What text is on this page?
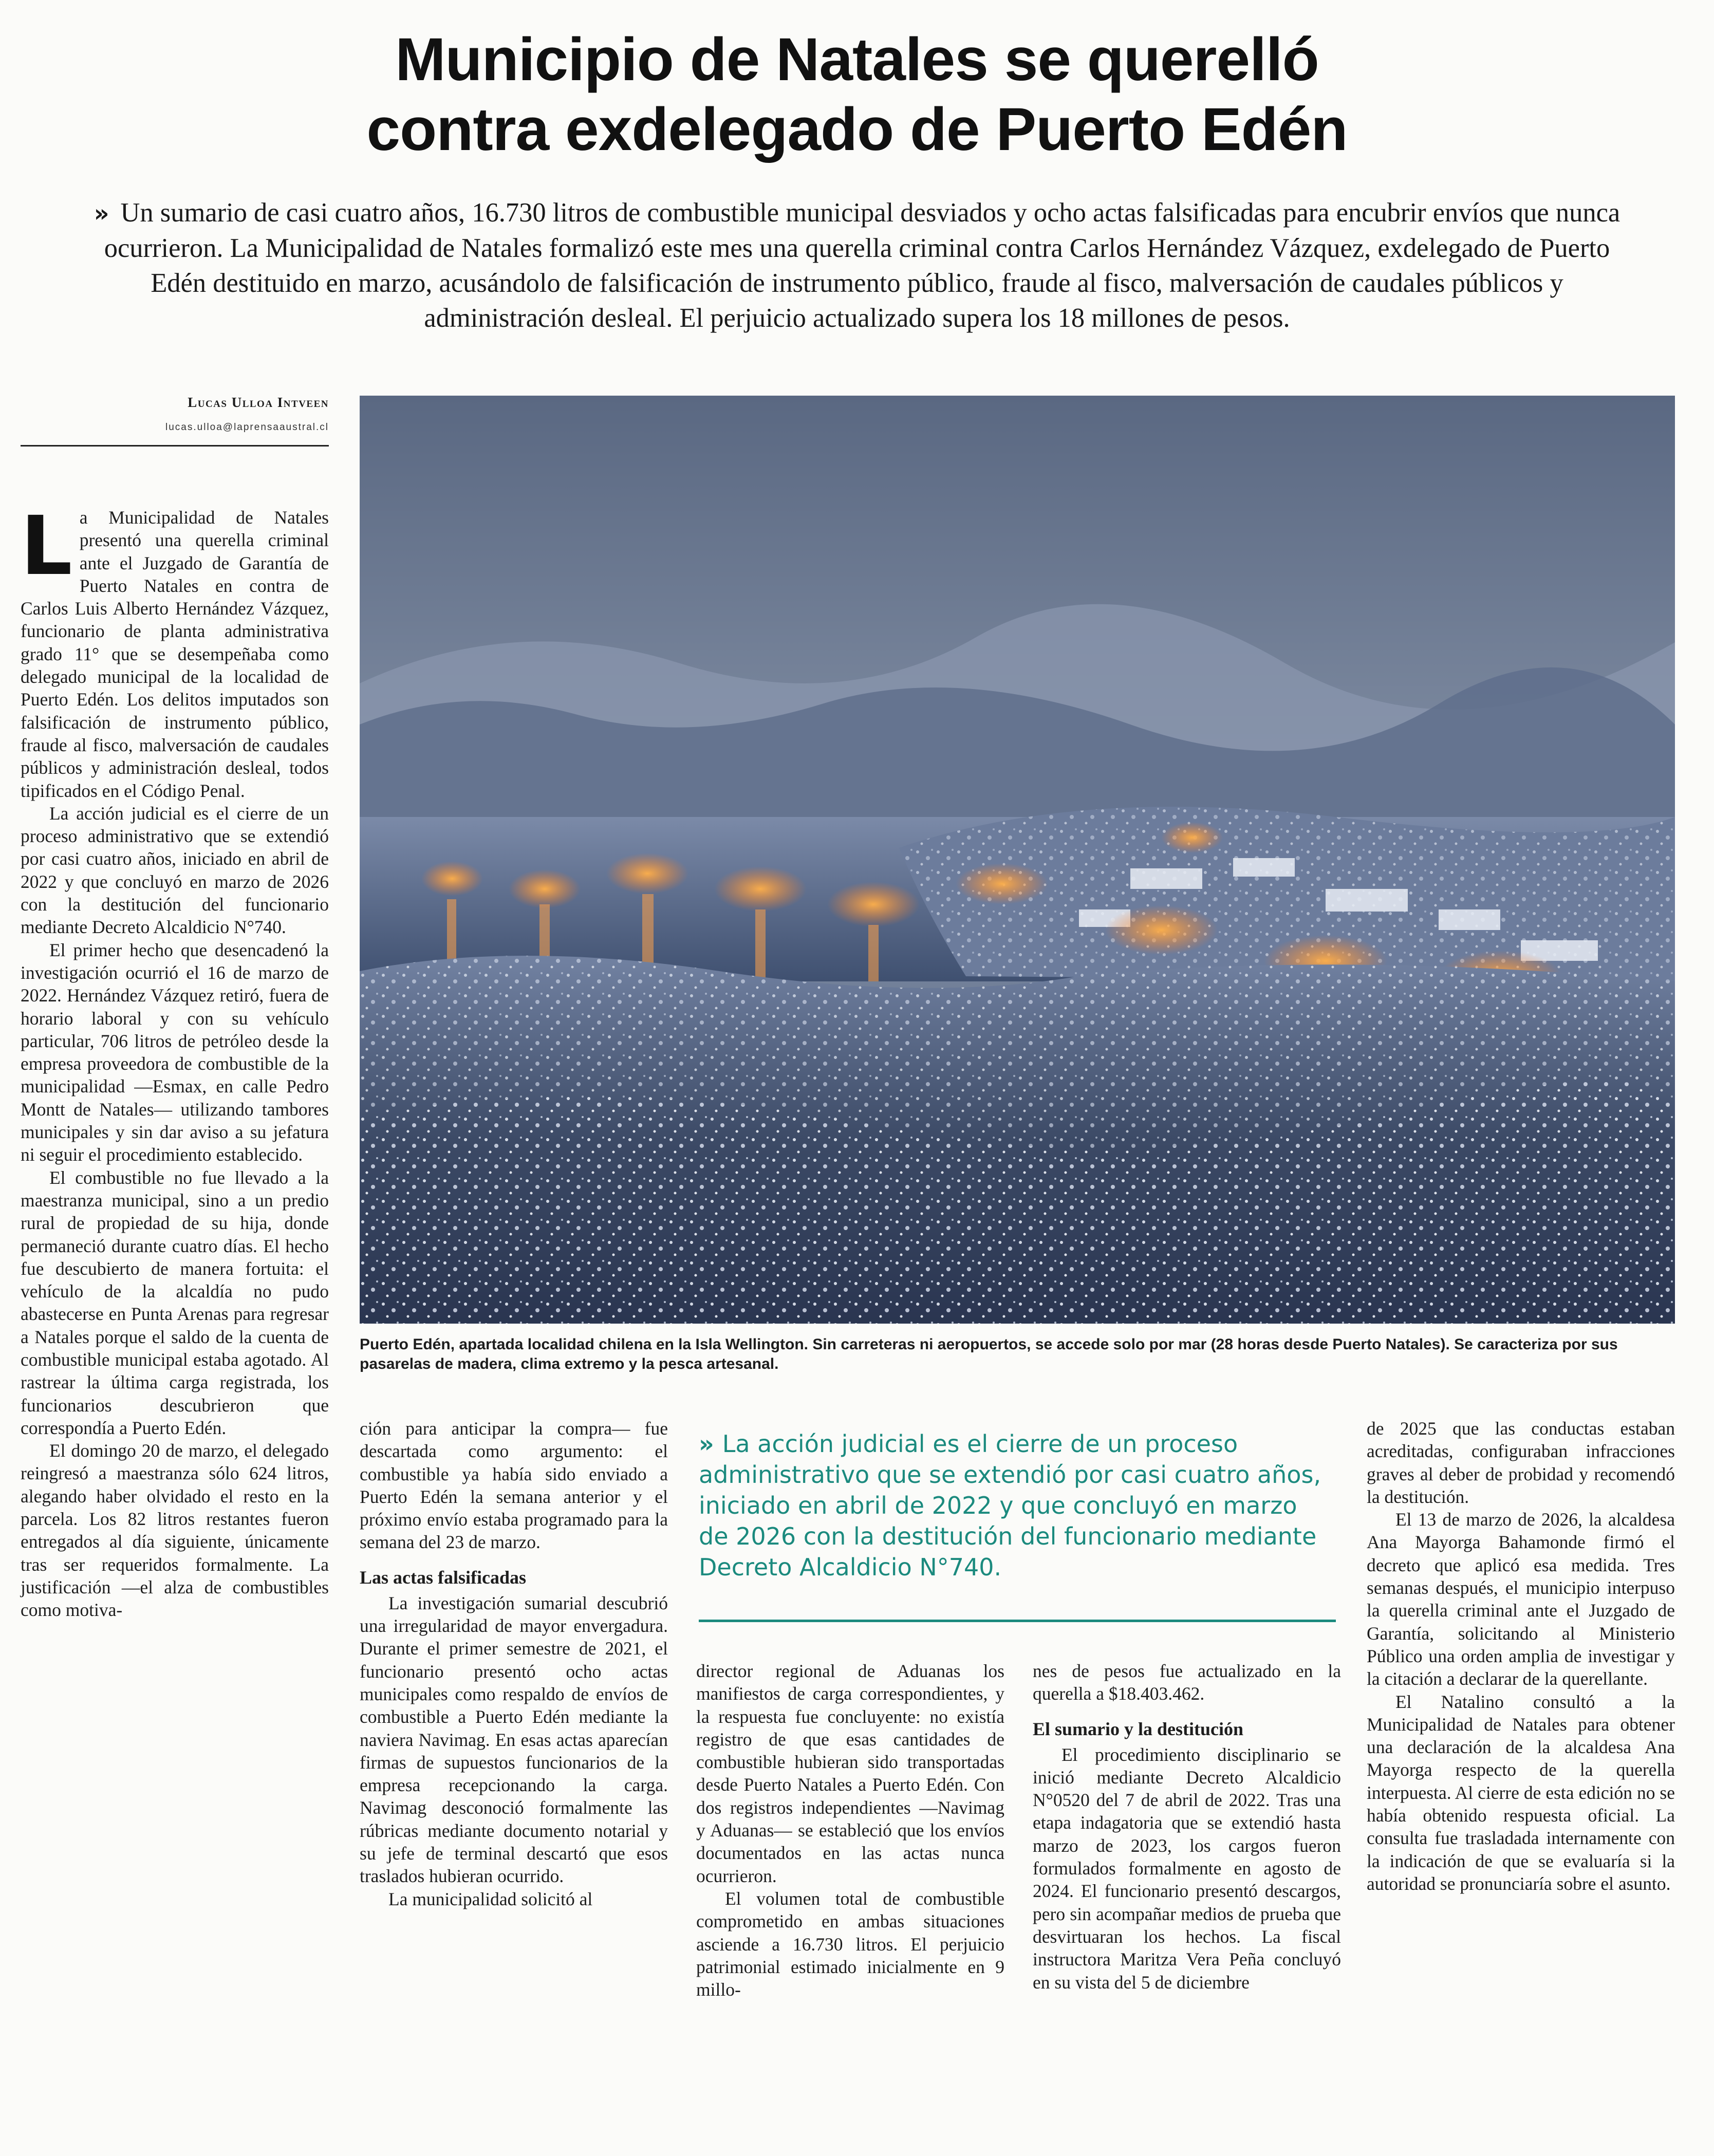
Municipio de Natales se querelló
contra exdelegado de Puerto Edén

» Un sumario de casi cuatro años, 16.730 litros de combustible municipal desviados y ocho actas falsificadas para encubrir envíos que nunca ocurrieron. La Municipalidad de Natales formalizó este mes una querella criminal contra Carlos Hernández Vázquez, exdelegado de Puerto Edén destituido en marzo, acusándolo de falsificación de instrumento público, fraude al fisco, malversación de caudales públicos y administración desleal. El perjuicio actualizado supera los 18 millones de pesos.

Lucas Ulloa Intveen
lucas.ulloa@laprensaaustral.cl

Puerto Edén, apartada localidad chilena en la Isla Wellington. Sin carreteras ni aeropuertos, se accede solo por mar (28 horas desde Puerto Natales). Se caracteriza por sus pasarelas de madera, clima extremo y la pesca artesanal.

La Municipalidad de Natales presentó una querella criminal ante el Juzgado de Garantía de Puerto Natales en contra de Carlos Luis Alberto Hernández Vázquez, funcionario de planta administrativa grado 11° que se desempeñaba como delegado municipal de la localidad de Puerto Edén. Los delitos imputados son falsificación de instrumento público, fraude al fisco, malversación de caudales públicos y administración desleal, todos tipificados en el Código Penal.

La acción judicial es el cierre de un proceso administrativo que se extendió por casi cuatro años, iniciado en abril de 2022 y que concluyó en marzo de 2026 con la destitución del funcionario mediante Decreto Alcaldicio N°740.

El primer hecho que desencadenó la investigación ocurrió el 16 de marzo de 2022. Hernández Vázquez retiró, fuera de horario laboral y con su vehículo particular, 706 litros de petróleo desde la empresa proveedora de combustible de la municipalidad —Esmax, en calle Pedro Montt de Natales— utilizando tambores municipales y sin dar aviso a su jefatura ni seguir el procedimiento establecido.

El combustible no fue llevado a la maestranza municipal, sino a un predio rural de propiedad de su hija, donde permaneció durante cuatro días. El hecho fue descubierto de manera fortuita: el vehículo de la alcaldía no pudo abastecerse en Punta Arenas para regresar a Natales porque el saldo de la cuenta de combustible municipal estaba agotado. Al rastrear la última carga registrada, los funcionarios descubrieron que correspondía a Puerto Edén.

El domingo 20 de marzo, el delegado reingresó a maestranza sólo 624 litros, alegando haber olvidado el resto en la parcela. Los 82 litros restantes fueron entregados al día siguiente, únicamente tras ser requeridos formalmente. La justificación —el alza de combustibles como motiva-

ción para anticipar la compra— fue descartada como argumento: el combustible ya había sido enviado a Puerto Edén la semana anterior y el próximo envío estaba programado para la semana del 23 de marzo.

Las actas falsificadas

La investigación sumarial descubrió una irregularidad de mayor envergadura. Durante el primer semestre de 2021, el funcionario presentó ocho actas municipales como respaldo de envíos de combustible a Puerto Edén mediante la naviera Navimag. En esas actas aparecían firmas de supuestos funcionarios de la empresa recepcionando la carga. Navimag desconoció formalmente las rúbricas mediante documento notarial y su jefe de terminal descartó que esos traslados hubieran ocurrido.

La municipalidad solicitó al

» La acción judicial es el cierre de un proceso administrativo que se extendió por casi cuatro años, iniciado en abril de 2022 y que concluyó en marzo de 2026 con la destitución del funcionario mediante Decreto Alcaldicio N°740.

director regional de Aduanas los manifiestos de carga correspondientes, y la respuesta fue concluyente: no existía registro de que esas cantidades de combustible hubieran sido transportadas desde Puerto Natales a Puerto Edén. Con dos registros independientes —Navimag y Aduanas— se estableció que los envíos documentados en las actas nunca ocurrieron.

El volumen total de combustible comprometido en ambas situaciones asciende a 16.730 litros. El perjuicio patrimonial estimado inicialmente en 9 millo-

nes de pesos fue actualizado en la querella a $18.403.462.

El sumario y la destitución

El procedimiento disciplinario se inició mediante Decreto Alcaldicio N°0520 del 7 de abril de 2022. Tras una etapa indagatoria que se extendió hasta marzo de 2023, los cargos fueron formulados formalmente en agosto de 2024. El funcionario presentó descargos, pero sin acompañar medios de prueba que desvirtuaran los hechos. La fiscal instructora Maritza Vera Peña concluyó en su vista del 5 de diciembre

de 2025 que las conductas estaban acreditadas, configuraban infracciones graves al deber de probidad y recomendó la destitución.

El 13 de marzo de 2026, la alcaldesa Ana Mayorga Bahamonde firmó el decreto que aplicó esa medida. Tres semanas después, el municipio interpuso la querella criminal ante el Juzgado de Garantía, solicitando al Ministerio Público una orden amplia de investigar y la citación a declarar de la querellante.

El Natalino consultó a la Municipalidad de Natales para obtener una declaración de la alcaldesa Ana Mayorga respecto de la querella interpuesta. Al cierre de esta edición no se había obtenido respuesta oficial. La consulta fue trasladada internamente con la indicación de que se evaluaría si la autoridad se pronunciaría sobre el asunto.
